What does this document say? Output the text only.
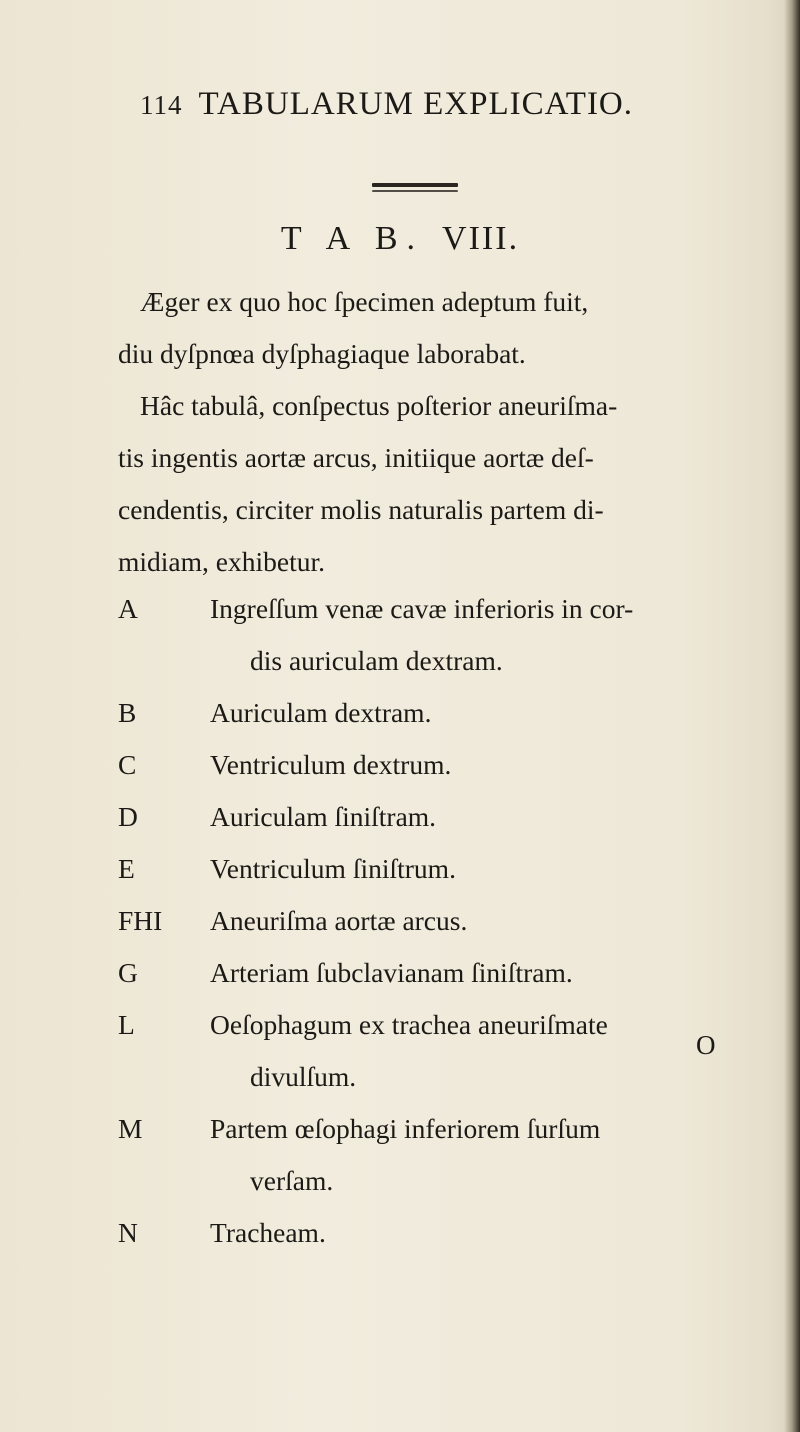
114 TABULARUM EXPLICATIO.
T A B. VIII.
Æger ex quo hoc ſpecimen adeptum fuit,
diu dyſpnœa dyſphagiaque laborabat.
Hâc tabulâ, conſpectus poſterior aneuriſma-
tis ingentis aortæ arcus, initiique aortæ deſ-
cendentis, circiter molis naturalis partem di-
midiam, exhibetur.
A	Ingreſſum venæ cavæ inferioris in cor-
dis auriculam dextram.
B	Auriculam dextram.
C	Ventriculum dextrum.
D	Auriculam ſiniſtram.
E	Ventriculum ſiniſtrum.
FHI	Aneuriſma aortæ arcus.
G	Arteriam ſubclavianam ſiniſtram.
L	Oeſophagum ex trachea aneuriſmate
divulſum.
M	Partem œſophagi inferiorem ſurſum
verſam.
N	Tracheam.
O
